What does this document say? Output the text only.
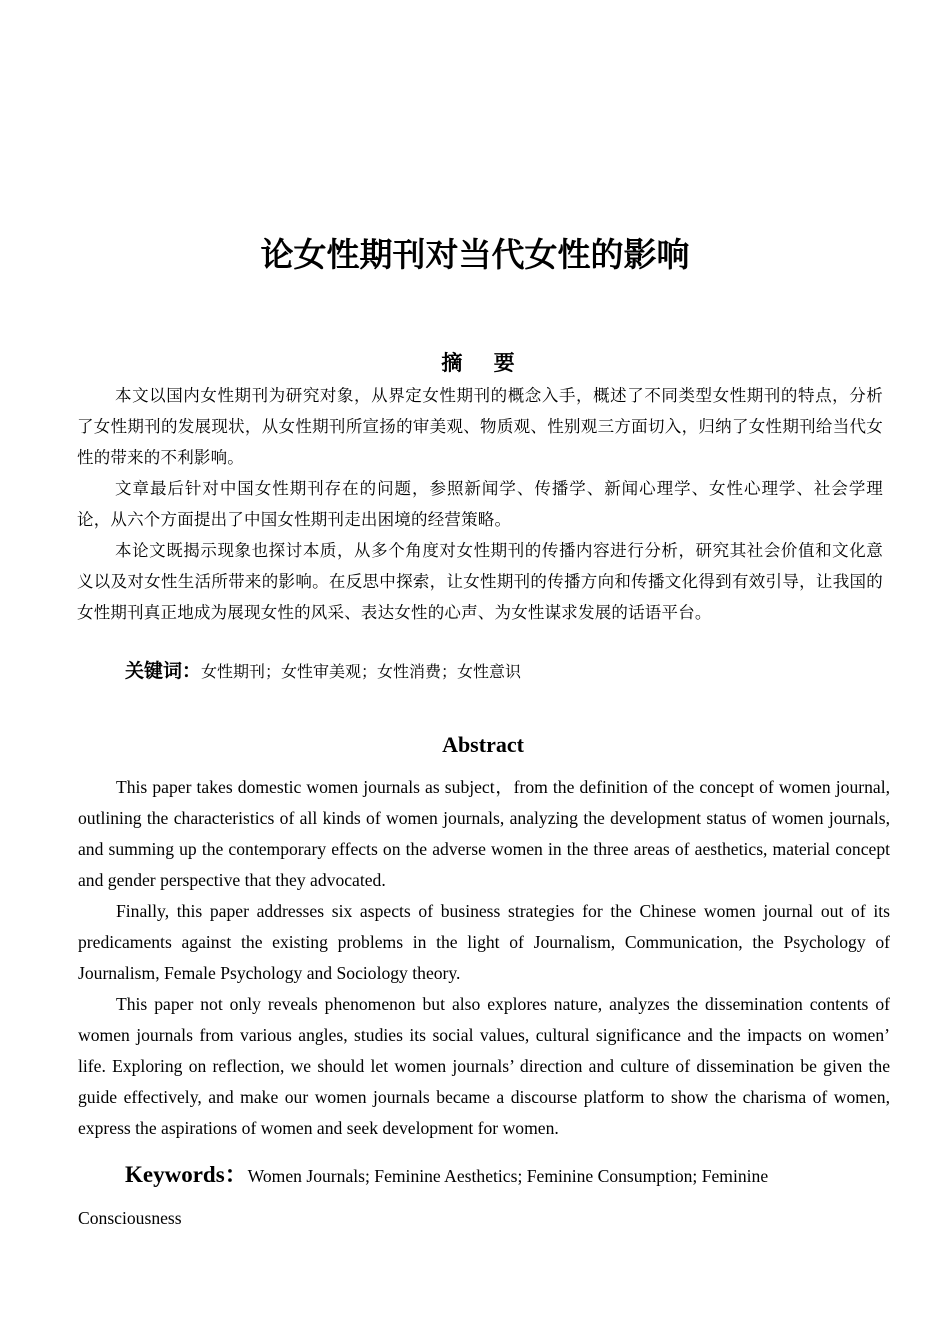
论女性期刊对当代女性的影响
摘 要

本文以国内女性期刊为研究对象，从界定女性期刊的概念入手，概述了不同类型女性期刊的特点，分析了女性期刊的发展现状，从女性期刊所宣扬的审美观、物质观、性别观三方面切入，归纳了女性期刊给当代女性的带来的不利影响。

文章最后针对中国女性期刊存在的问题，参照新闻学、传播学、新闻心理学、女性心理学、社会学理论，从六个方面提出了中国女性期刊走出困境的经营策略。

本论文既揭示现象也探讨本质，从多个角度对女性期刊的传播内容进行分析，研究其社会价值和文化意义以及对女性生活所带来的影响。在反思中探索，让女性期刊的传播方向和传播文化得到有效引导，让我国的女性期刊真正地成为展现女性的风采、表达女性的心声、为女性谋求发展的话语平台。

关键词：女性期刊；女性审美观；女性消费；女性意识
Abstract

This paper takes domestic women journals as subject，from the definition of the concept of women journal, outlining the characteristics of all kinds of women journals, analyzing the development status of women journals, and summing up the contemporary effects on the adverse women in the three areas of aesthetics, material concept and gender perspective that they advocated.

Finally, this paper addresses six aspects of business strategies for the Chinese women journal out of its predicaments against the existing problems in the light of Journalism, Communication, the Psychology of Journalism, Female Psychology and Sociology theory.

This paper not only reveals phenomenon but also explores nature, analyzes the dissemination contents of women journals from various angles, studies its social values, cultural significance and the impacts on women’ life. Exploring on reflection, we should let women journals’ direction and culture of dissemination be given the guide effectively, and make our women journals became a discourse platform to show the charisma of women, express the aspirations of women and seek development for women.

Keywords：Women Journals; Feminine Aesthetics; Feminine Consumption; Feminine Consciousness
